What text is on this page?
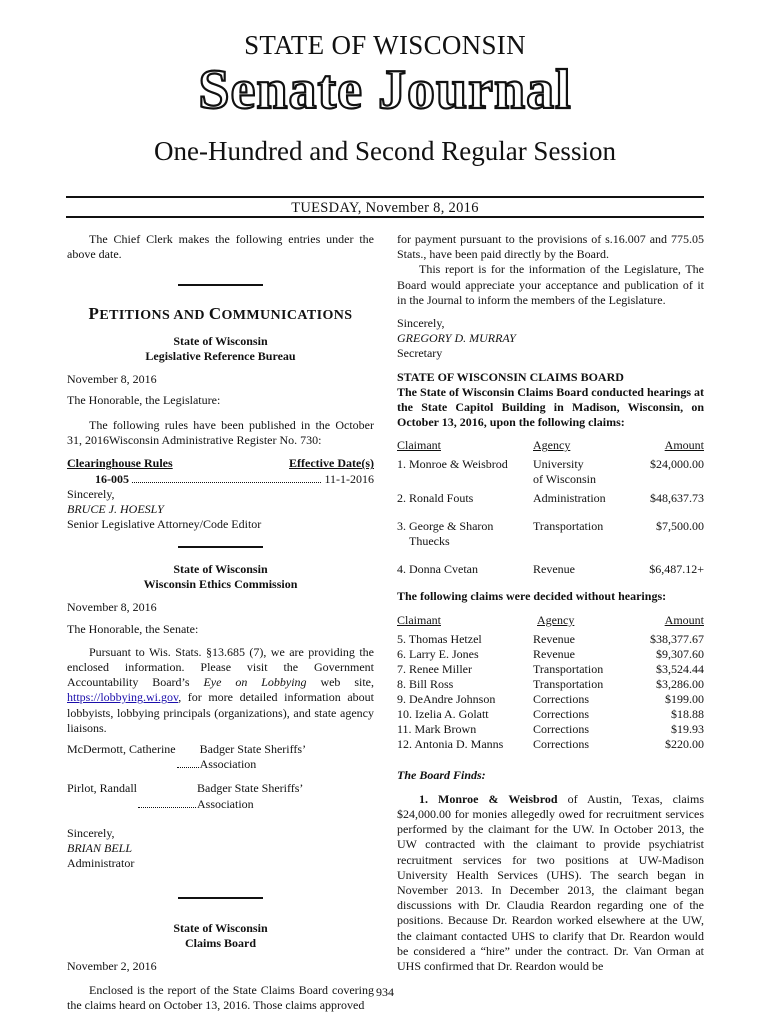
STATE OF WISCONSIN
Senate Journal
One-Hundred and Second Regular Session
TUESDAY, November 8, 2016

The Chief Clerk makes the following entries under the above date.

PETITIONS AND COMMUNICATIONS
State of Wisconsin
Legislative Reference Bureau

November 8, 2016

The Honorable, the Legislature:

The following rules have been published in the October 31, 2016Wisconsin Administrative Register No. 730:

Clearinghouse Rules	Effective Date(s)
16-005	11-1-2016
Sincerely,
BRUCE J. HOESLY
Senior Legislative Attorney/Code Editor
State of Wisconsin
Wisconsin Ethics Commission

November 8, 2016

The Honorable, the Senate:

Pursuant to Wis. Stats. §13.685 (7), we are providing the enclosed information. Please visit the Government Accountability Board’s Eye on Lobbying web site, https://lobbying.wi.gov, for more detailed information about lobbyists, lobbying principals (organizations), and state agency liaisons.

McDermott, Catherine Badger State Sheriffs’
Association
Pirlot, Randall	Badger State Sheriffs’
Association
Sincerely,
BRIAN BELL
Administrator
State of Wisconsin
Claims Board

November 2, 2016

Enclosed is the report of the State Claims Board covering the claims heard on October 13, 2016. Those claims approved

for payment pursuant to the provisions of s.16.007 and 775.05 Stats., have been paid directly by the Board.

This report is for the information of the Legislature, The Board would appreciate your acceptance and publication of it in the Journal to inform the members of the Legislature.

Sincerely,
GREGORY D. MURRAY
Secretary
STATE OF WISCONSIN CLAIMS BOARD

The State of Wisconsin Claims Board conducted hearings at the State Capitol Building in Madison, Wisconsin, on October 13, 2016, upon the following claims:

Claimant	Agency	Amount
1. Monroe & Weisbrod	University
of Wisconsin	$24,000.00
2. Ronald Fouts	Administration	$48,637.73

3. George & Sharon
Thuecks	Transportation	$7,500.00
4. Donna Cvetan	Revenue	$6,487.12+
The following claims were decided without hearings:
Claimant	Agency	Amount
5. Thomas Hetzel	Revenue	$38,377.67
6. Larry E. Jones	Revenue	$9,307.60
7. Renee Miller	Transportation	$3,524.44
8. Bill Ross	Transportation	$3,286.00
9. DeAndre Johnson	Corrections	$199.00
10. Izelia A. Golatt	Corrections	$18.88
11. Mark Brown	Corrections	$19.93
12. Antonia D. Manns	Corrections	$220.00
The Board Finds:

1. Monroe & Weisbrod of Austin, Texas, claims $24,000.00 for monies allegedly owed for recruitment services performed by the claimant for the UW. In October 2013, the UW contracted with the claimant to provide psychiatrist recruitment services for two positions at UW-Madison University Health Services (UHS). The search began in November 2013. In December 2013, the claimant began discussions with Dr. Claudia Reardon regarding one of the positions. Because Dr. Reardon worked elsewhere at the UW, the claimant contacted UHS to clarify that Dr. Reardon would be considered a “hire” under the contract. Dr. Van Orman at UHS confirmed that Dr. Reardon would be

934
